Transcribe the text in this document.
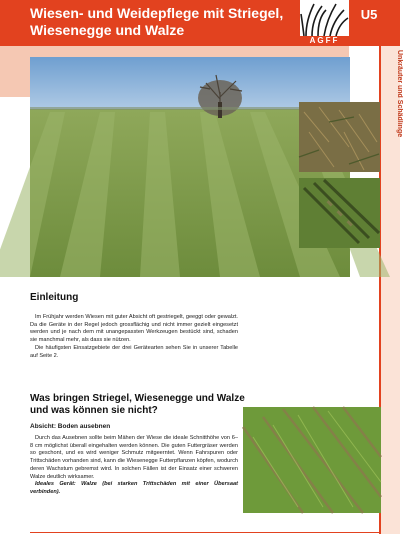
Wiesen- und Weidepflege mit Striegel, Wiesenegge und Walze
AGFF
U5
Unkräuter und Schädlinge
Einleitung

Im Frühjahr werden Wiesen mit guter Absicht oft gestriegelt, geeggt oder gewalzt. Da die Geräte in der Regel jedoch grossflächig und nicht immer gezielt eingesetzt werden und je nach dem mit unangepassten Werkzeugen bestückt sind, schaden sie manchmal mehr, als dass sie nützen.

Die häufigsten Einsatzgebiete der drei Gerätearten sehen Sie in unserer Tabelle auf Seite 2.

Was bringen Striegel, Wiesenegge und Walze und was können sie nicht?
Absicht: Boden ausebnen

Durch das Ausebnen sollte beim Mähen der Wiese die ideale Schnitthöhe von 6–8 cm möglichst überall eingehalten werden können. Die guten Futtergräser werden so geschont, und es wird weniger Schmutz mitgeerntet. Wenn Fahrspuren oder Trittschäden vorhanden sind, kann die Wiesenegge Futterpflanzen köpfen, wodurch deren Wachstum gebremst wird. In solchen Fällen ist der Einsatz einer schweren Walze deutlich wirksamer.

Ideales Gerät: Walze (bei starken Trittschäden mit einer Übersaat verbinden).
